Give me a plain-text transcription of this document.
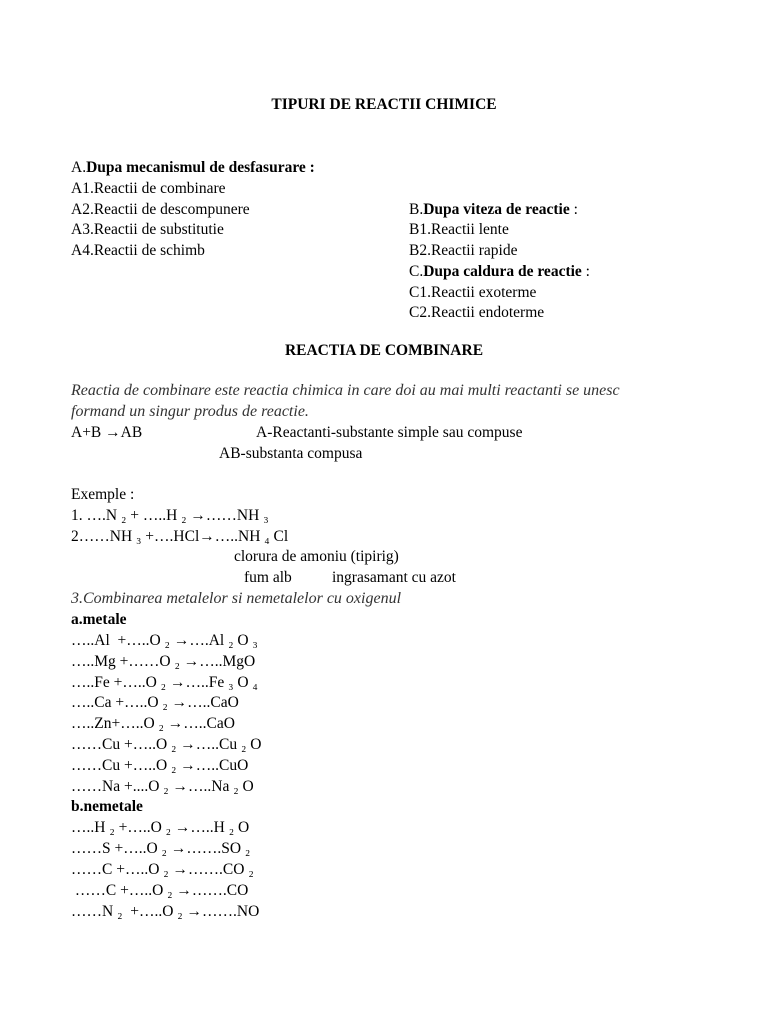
TIPURI DE REACTII CHIMICE
A.Dupa mecanismul de desfasurare :
A1.Reactii de combinare
A2.Reactii de descompunere
A3.Reactii de substitutie
A4.Reactii de schimb
B.Dupa viteza de reactie :
B1.Reactii lente
B2.Reactii rapide
C.Dupa caldura de reactie :
C1.Reactii exoterme
C2.Reactii endoterme
REACTIA DE COMBINARE
Reactia de combinare este reactia chimica in care doi au mai multi reactanti se unesc
formand un singur produs de reactie.
A+B →AB	A-Reactanti-substante simple sau compuse
AB-substanta compusa
Exemple :
1. ….N ₂ + …..H ₂ →……NH ₃
2……NH ₃ +….HCl→…..NH ₄ Cl
clorura de amoniu (tipirig)
fum alb	ingrasamant cu azot
3.Combinarea metalelor si nemetalelor cu oxigenul
a.metale
…..Al  +…..O ₂ →….Al ₂ O ₃
…..Mg +……O ₂ →…..MgO
…..Fe +…..O ₂ →…..Fe ₃ O ₄
…..Ca +…..O ₂ →…..CaO
…..Zn+…..O ₂ →…..CaO
……Cu +…..O ₂ →…..Cu ₂ O
……Cu +…..O ₂ →…..CuO
……Na +....O ₂ →…..Na ₂ O
b.nemetale
…..H ₂ +…..O ₂ →…..H ₂ O
……S +…..O ₂ →…….SO ₂
……C +…..O ₂ →…….CO ₂
……C +…..O ₂ →…….CO
……N ₂  +…..O ₂ →…….NO
